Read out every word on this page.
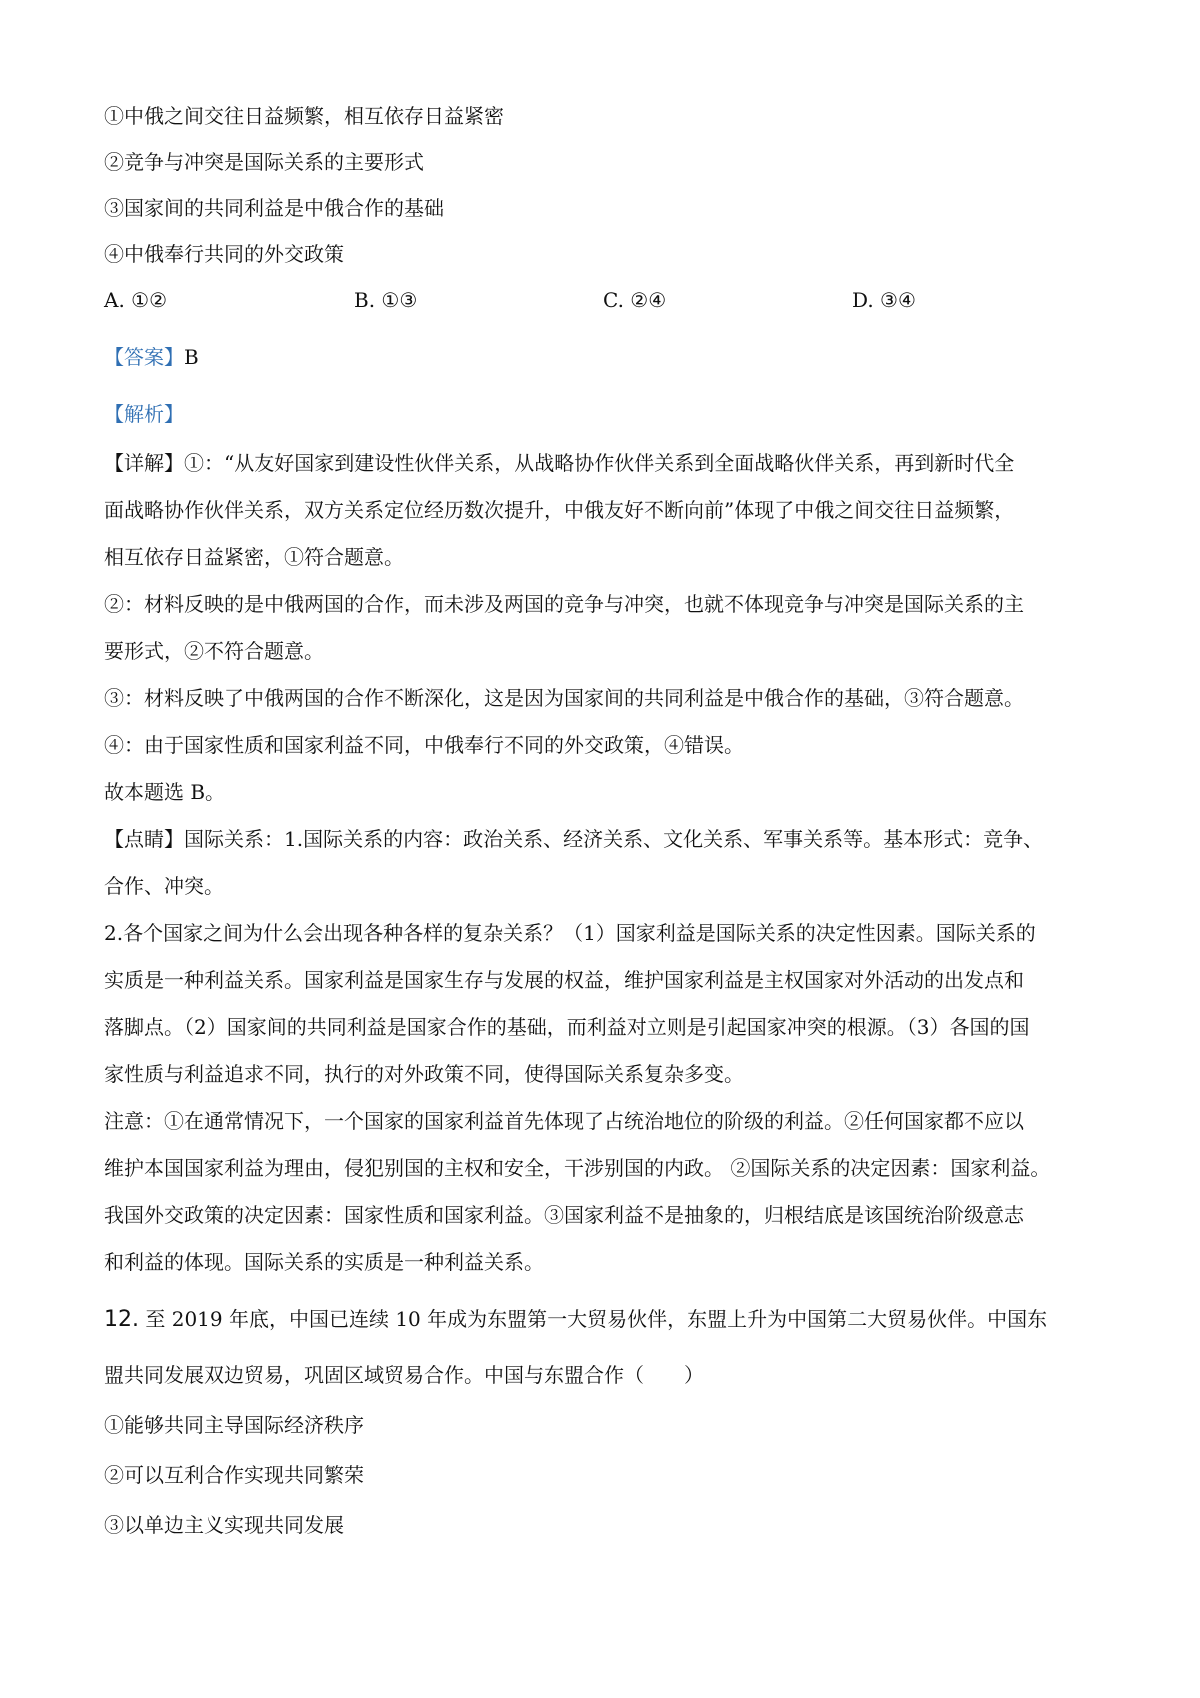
①中俄之间交往日益频繁，相互依存日益紧密
②竞争与冲突是国际关系的主要形式
③国家间的共同利益是中俄合作的基础
④中俄奉行共同的外交政策
A. ①②	B. ①③	C. ②④	D. ③④
【答案】B
【解析】
【详解】①：“从友好国家到建设性伙伴关系，从战略协作伙伴关系到全面战略伙伴关系，再到新时代全
面战略协作伙伴关系，双方关系定位经历数次提升，中俄友好不断向前”体现了中俄之间交往日益频繁，
相互依存日益紧密，①符合题意。
②：材料反映的是中俄两国的合作，而未涉及两国的竞争与冲突，也就不体现竞争与冲突是国际关系的主
要形式，②不符合题意。
③：材料反映了中俄两国的合作不断深化，这是因为国家间的共同利益是中俄合作的基础，③符合题意。
④：由于国家性质和国家利益不同，中俄奉行不同的外交政策，④错误。
故本题选 B。
【点睛】国际关系：1.国际关系的内容：政治关系、经济关系、文化关系、军事关系等。基本形式：竞争、
合作、冲突。
2.各个国家之间为什么会出现各种各样的复杂关系？（1）国家利益是国际关系的决定性因素。国际关系的
实质是一种利益关系。国家利益是国家生存与发展的权益，维护国家利益是主权国家对外活动的出发点和
落脚点。（2）国家间的共同利益是国家合作的基础，而利益对立则是引起国家冲突的根源。（3）各国的国
家性质与利益追求不同，执行的对外政策不同，使得国际关系复杂多变。
注意：①在通常情况下，一个国家的国家利益首先体现了占统治地位的阶级的利益。②任何国家都不应以
维护本国国家利益为理由，侵犯别国的主权和安全，干涉别国的内政。 ②国际关系的决定因素：国家利益。
我国外交政策的决定因素：国家性质和国家利益。③国家利益不是抽象的，归根结底是该国统治阶级意志
和利益的体现。国际关系的实质是一种利益关系。
12. 至 2019 年底，中国已连续 10 年成为东盟第一大贸易伙伴，东盟上升为中国第二大贸易伙伴。中国东
盟共同发展双边贸易，巩固区域贸易合作。中国与东盟合作（　　）
①能够共同主导国际经济秩序
②可以互利合作实现共同繁荣
③以单边主义实现共同发展
